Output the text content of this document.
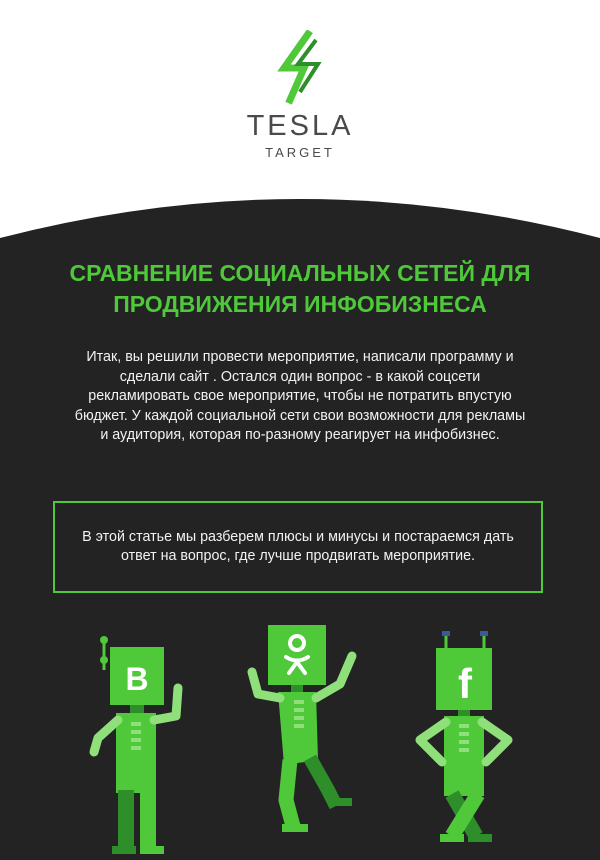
TESLA
TARGET
СРАВНЕНИЕ СОЦИАЛЬНЫХ СЕТЕЙ ДЛЯ ПРОДВИЖЕНИЯ ИНФОБИЗНЕСА

Итак, вы решили провести мероприятие, написали программу и сделали сайт . Остался один вопрос - в какой соцсети рекламировать свое мероприятие, чтобы не потратить впустую бюджет. У каждой социальной сети свои возможности для рекламы и аудитория, которая по-разному реагирует на инфобизнес.

В этой статье мы разберем плюсы и минусы и постараемся дать ответ на вопрос, где лучше продвигать мероприятие.

В	f
